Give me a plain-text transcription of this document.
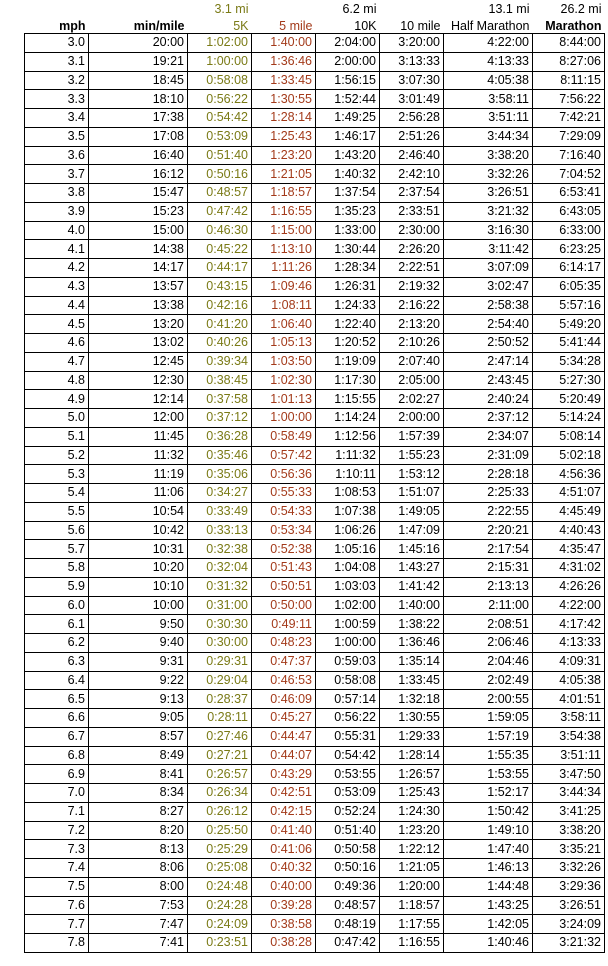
		3.1 mi		6.2 mi		13.1 mi	26.2 mi
mph	min/mile	5K	5 mile	10K	10 mile	Half Marathon	Marathon
3.0	20:00	1:02:00	1:40:00	2:04:00	3:20:00	4:22:00	8:44:00
3.1	19:21	1:00:00	1:36:46	2:00:00	3:13:33	4:13:33	8:27:06
3.2	18:45	0:58:08	1:33:45	1:56:15	3:07:30	4:05:38	8:11:15
3.3	18:10	0:56:22	1:30:55	1:52:44	3:01:49	3:58:11	7:56:22
3.4	17:38	0:54:42	1:28:14	1:49:25	2:56:28	3:51:11	7:42:21
3.5	17:08	0:53:09	1:25:43	1:46:17	2:51:26	3:44:34	7:29:09
3.6	16:40	0:51:40	1:23:20	1:43:20	2:46:40	3:38:20	7:16:40
3.7	16:12	0:50:16	1:21:05	1:40:32	2:42:10	3:32:26	7:04:52
3.8	15:47	0:48:57	1:18:57	1:37:54	2:37:54	3:26:51	6:53:41
3.9	15:23	0:47:42	1:16:55	1:35:23	2:33:51	3:21:32	6:43:05
4.0	15:00	0:46:30	1:15:00	1:33:00	2:30:00	3:16:30	6:33:00
4.1	14:38	0:45:22	1:13:10	1:30:44	2:26:20	3:11:42	6:23:25
4.2	14:17	0:44:17	1:11:26	1:28:34	2:22:51	3:07:09	6:14:17
4.3	13:57	0:43:15	1:09:46	1:26:31	2:19:32	3:02:47	6:05:35
4.4	13:38	0:42:16	1:08:11	1:24:33	2:16:22	2:58:38	5:57:16
4.5	13:20	0:41:20	1:06:40	1:22:40	2:13:20	2:54:40	5:49:20
4.6	13:02	0:40:26	1:05:13	1:20:52	2:10:26	2:50:52	5:41:44
4.7	12:45	0:39:34	1:03:50	1:19:09	2:07:40	2:47:14	5:34:28
4.8	12:30	0:38:45	1:02:30	1:17:30	2:05:00	2:43:45	5:27:30
4.9	12:14	0:37:58	1:01:13	1:15:55	2:02:27	2:40:24	5:20:49
5.0	12:00	0:37:12	1:00:00	1:14:24	2:00:00	2:37:12	5:14:24
5.1	11:45	0:36:28	0:58:49	1:12:56	1:57:39	2:34:07	5:08:14
5.2	11:32	0:35:46	0:57:42	1:11:32	1:55:23	2:31:09	5:02:18
5.3	11:19	0:35:06	0:56:36	1:10:11	1:53:12	2:28:18	4:56:36
5.4	11:06	0:34:27	0:55:33	1:08:53	1:51:07	2:25:33	4:51:07
5.5	10:54	0:33:49	0:54:33	1:07:38	1:49:05	2:22:55	4:45:49
5.6	10:42	0:33:13	0:53:34	1:06:26	1:47:09	2:20:21	4:40:43
5.7	10:31	0:32:38	0:52:38	1:05:16	1:45:16	2:17:54	4:35:47
5.8	10:20	0:32:04	0:51:43	1:04:08	1:43:27	2:15:31	4:31:02
5.9	10:10	0:31:32	0:50:51	1:03:03	1:41:42	2:13:13	4:26:26
6.0	10:00	0:31:00	0:50:00	1:02:00	1:40:00	2:11:00	4:22:00
6.1	9:50	0:30:30	0:49:11	1:00:59	1:38:22	2:08:51	4:17:42
6.2	9:40	0:30:00	0:48:23	1:00:00	1:36:46	2:06:46	4:13:33
6.3	9:31	0:29:31	0:47:37	0:59:03	1:35:14	2:04:46	4:09:31
6.4	9:22	0:29:04	0:46:53	0:58:08	1:33:45	2:02:49	4:05:38
6.5	9:13	0:28:37	0:46:09	0:57:14	1:32:18	2:00:55	4:01:51
6.6	9:05	0:28:11	0:45:27	0:56:22	1:30:55	1:59:05	3:58:11
6.7	8:57	0:27:46	0:44:47	0:55:31	1:29:33	1:57:19	3:54:38
6.8	8:49	0:27:21	0:44:07	0:54:42	1:28:14	1:55:35	3:51:11
6.9	8:41	0:26:57	0:43:29	0:53:55	1:26:57	1:53:55	3:47:50
7.0	8:34	0:26:34	0:42:51	0:53:09	1:25:43	1:52:17	3:44:34
7.1	8:27	0:26:12	0:42:15	0:52:24	1:24:30	1:50:42	3:41:25
7.2	8:20	0:25:50	0:41:40	0:51:40	1:23:20	1:49:10	3:38:20
7.3	8:13	0:25:29	0:41:06	0:50:58	1:22:12	1:47:40	3:35:21
7.4	8:06	0:25:08	0:40:32	0:50:16	1:21:05	1:46:13	3:32:26
7.5	8:00	0:24:48	0:40:00	0:49:36	1:20:00	1:44:48	3:29:36
7.6	7:53	0:24:28	0:39:28	0:48:57	1:18:57	1:43:25	3:26:51
7.7	7:47	0:24:09	0:38:58	0:48:19	1:17:55	1:42:05	3:24:09
7.8	7:41	0:23:51	0:38:28	0:47:42	1:16:55	1:40:46	3:21:32
